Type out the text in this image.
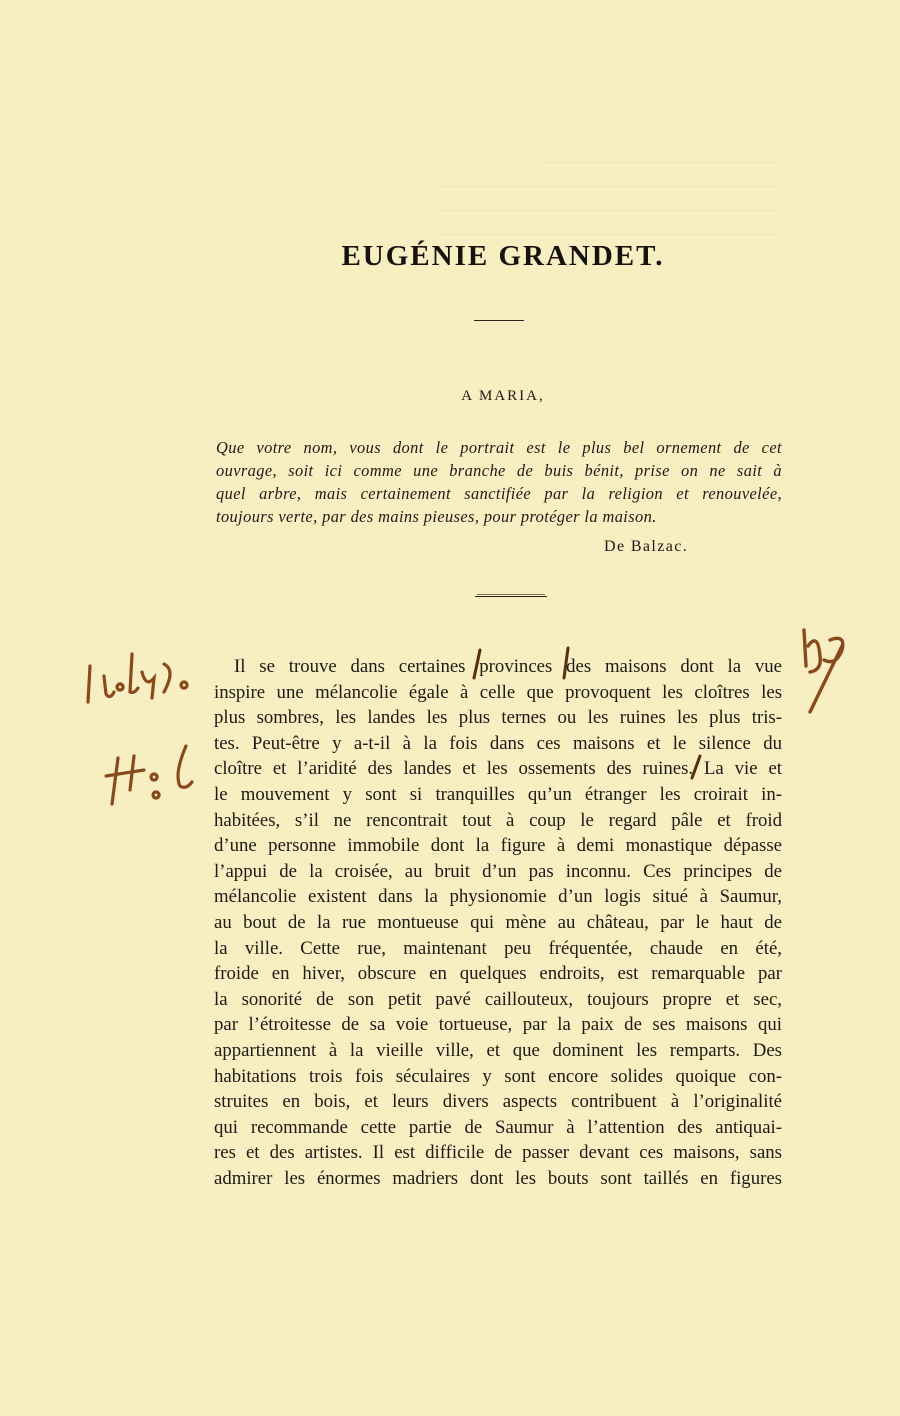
————————————————
———————————————————————
———————————————————————
———————————————————————
EUGÉNIE GRANDET.
A MARIA,
Que votre nom, vous dont le portrait est le plus bel ornement de cet
ouvrage, soit ici comme une branche de buis bénit, prise on ne sait à
quel arbre, mais certainement sanctifiée par la religion et renouvelée,
toujours verte, par des mains pieuses, pour protéger la maison.
De Balzac.
Il se trouve dans certaines provinces des maisons dont la vue
inspire une mélancolie égale à celle que provoquent les cloîtres les
plus sombres, les landes les plus ternes ou les ruines les plus tris-
tes. Peut-être y a-t-il à la fois dans ces maisons et le silence du
cloître et l’aridité des landes et les ossements des ruines. La vie et
le mouvement y sont si tranquilles qu’un étranger les croirait in-
habitées, s’il ne rencontrait tout à coup le regard pâle et froid
d’une personne immobile dont la figure à demi monastique dépasse
l’appui de la croisée, au bruit d’un pas inconnu. Ces principes de
mélancolie existent dans la physionomie d’un logis situé à Saumur,
au bout de la rue montueuse qui mène au château, par le haut de
la ville. Cette rue, maintenant peu fréquentée, chaude en été,
froide en hiver, obscure en quelques endroits, est remarquable par
la sonorité de son petit pavé caillouteux, toujours propre et sec,
par l’étroitesse de sa voie tortueuse, par la paix de ses maisons qui
appartiennent à la vieille ville, et que dominent les remparts. Des
habitations trois fois séculaires y sont encore solides quoique con-
struites en bois, et leurs divers aspects contribuent à l’originalité
qui recommande cette partie de Saumur à l’attention des antiquai-
res et des artistes. Il est difficile de passer devant ces maisons, sans
admirer les énormes madriers dont les bouts sont taillés en figures
